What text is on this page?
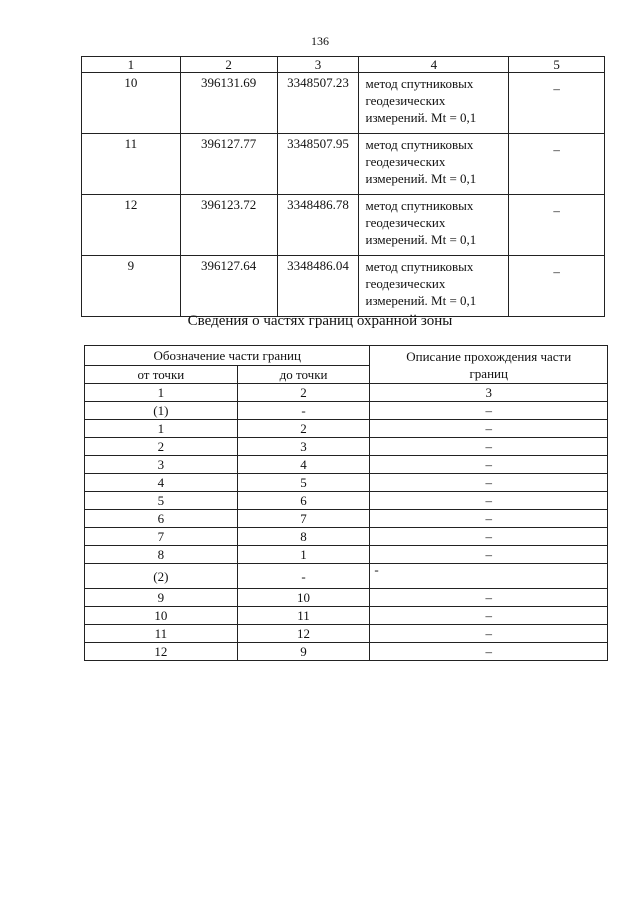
136
1	2	3	4	5
10	396131.69	3348507.23	метод спутниковых
геодезических
измерений. Mt = 0,1	–
11	396127.77	3348507.95	метод спутниковых
геодезических
измерений. Mt = 0,1	–
12	396123.72	3348486.78	метод спутниковых
геодезических
измерений. Mt = 0,1	–
9	396127.64	3348486.04	метод спутниковых
геодезических
измерений. Mt = 0,1	–
Сведения о частях границ охранной зоны
Обозначение части границ		Описание прохождения части
границ
от точки	до точки	
1	2	3
(1)	-	–
1	2	–
2	3	–
3	4	–
4	5	–
5	6	–
6	7	–
7	8	–
8	1	–
(2)	-	-
9	10	–
10	11	–
11	12	–
12	9	–
